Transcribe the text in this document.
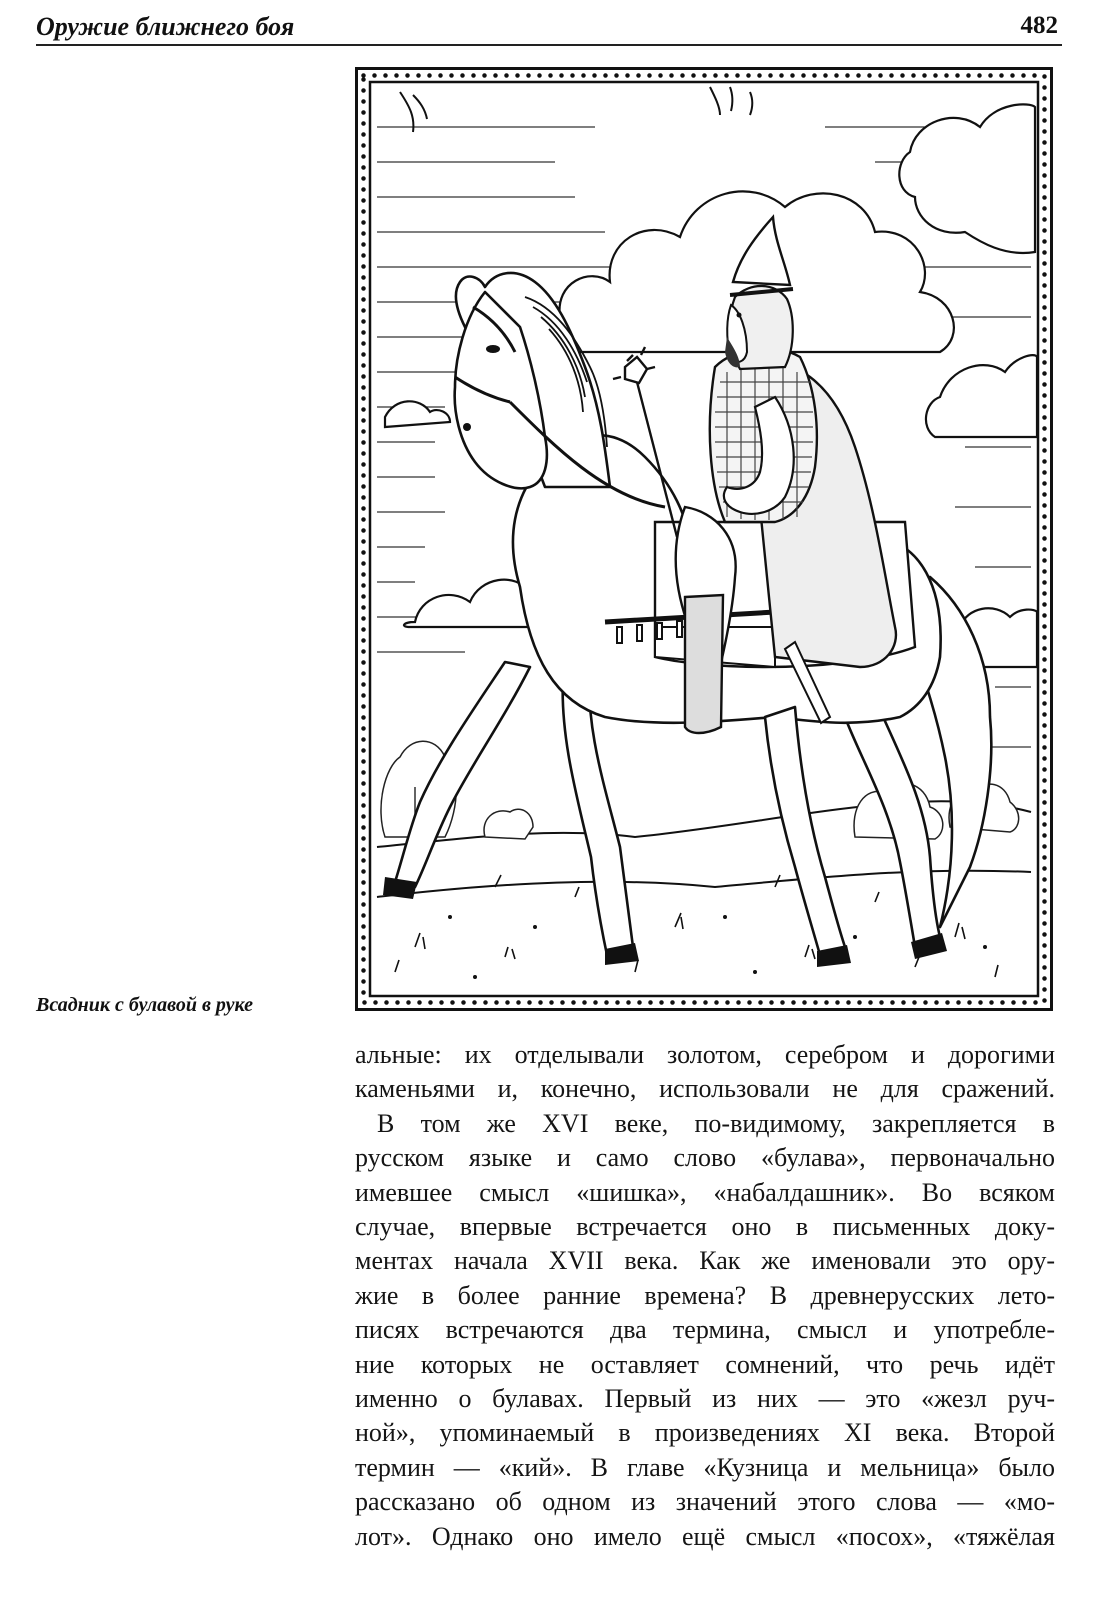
Оружие ближнего боя	482
Всадник с булавой в руке
альные: их отделывали золотом, серебром и дорогими
каменьями и, конечно, использовали не для сражений.
В том же XVI веке, по-видимому, закрепляется в
русском языке и само слово «булава», первоначально
имевшее смысл «шишка», «набалдашник». Во всяком
случае, впервые встречается оно в письменных доку-
ментах начала XVII века. Как же именовали это ору-
жие в более ранние времена? В древнерусских лето-
писях встречаются два термина, смысл и употребле-
ние которых не оставляет сомнений, что речь идёт
именно о булавах. Первый из них — это «жезл руч-
ной», упоминаемый в произведениях XI века. Второй
термин — «кий». В главе «Кузница и мельница» было
рассказано об одном из значений этого слова — «мо-
лот». Однако оно имело ещё смысл «посох», «тяжёлая
